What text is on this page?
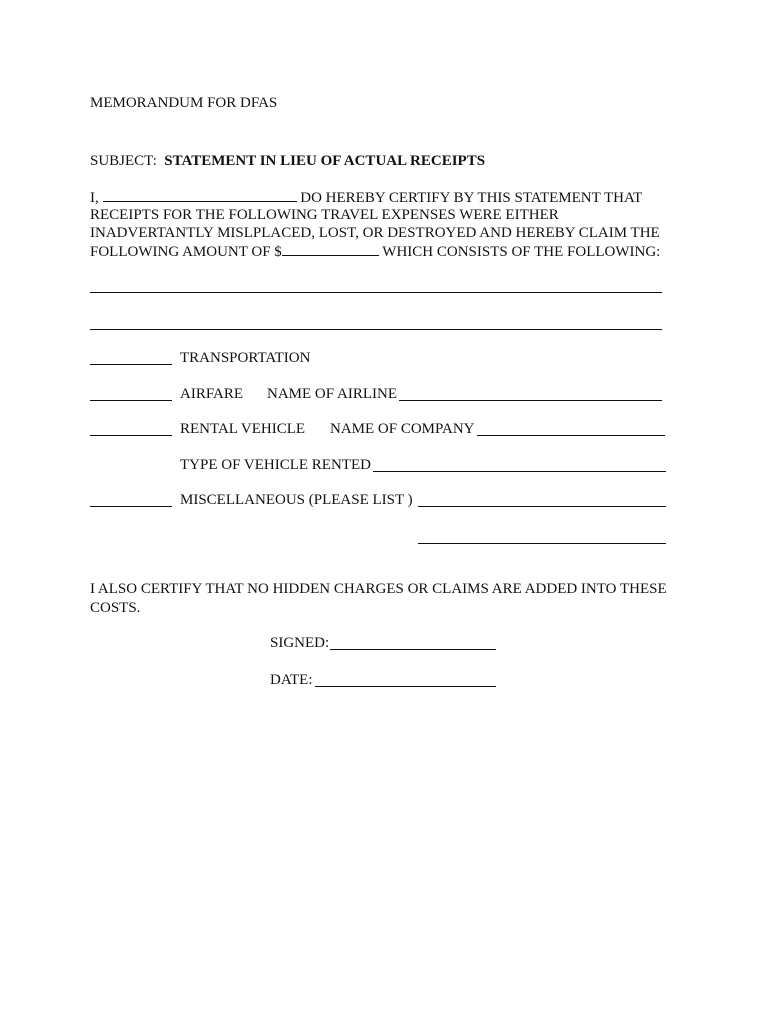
MEMORANDUM FOR DFAS
SUBJECT: STATEMENT IN LIEU OF ACTUAL RECEIPTS
I,	DO HEREBY CERTIFY BY THIS STATEMENT THAT
RECEIPTS FOR THE FOLLOWING TRAVEL EXPENSES WERE EITHER
INADVERTANTLY MISLPLACED, LOST, OR DESTROYED AND HEREBY CLAIM THE
FOLLOWING AMOUNT OF $	WHICH CONSISTS OF THE FOLLOWING:
TRANSPORTATION
AIRFARE NAME OF AIRLINE
RENTAL VEHICLE NAME OF COMPANY
TYPE OF VEHICLE RENTED
MISCELLANEOUS (PLEASE LIST )
I ALSO CERTIFY THAT NO HIDDEN CHARGES OR CLAIMS ARE ADDED INTO THESE
COSTS.
SIGNED:
DATE:
